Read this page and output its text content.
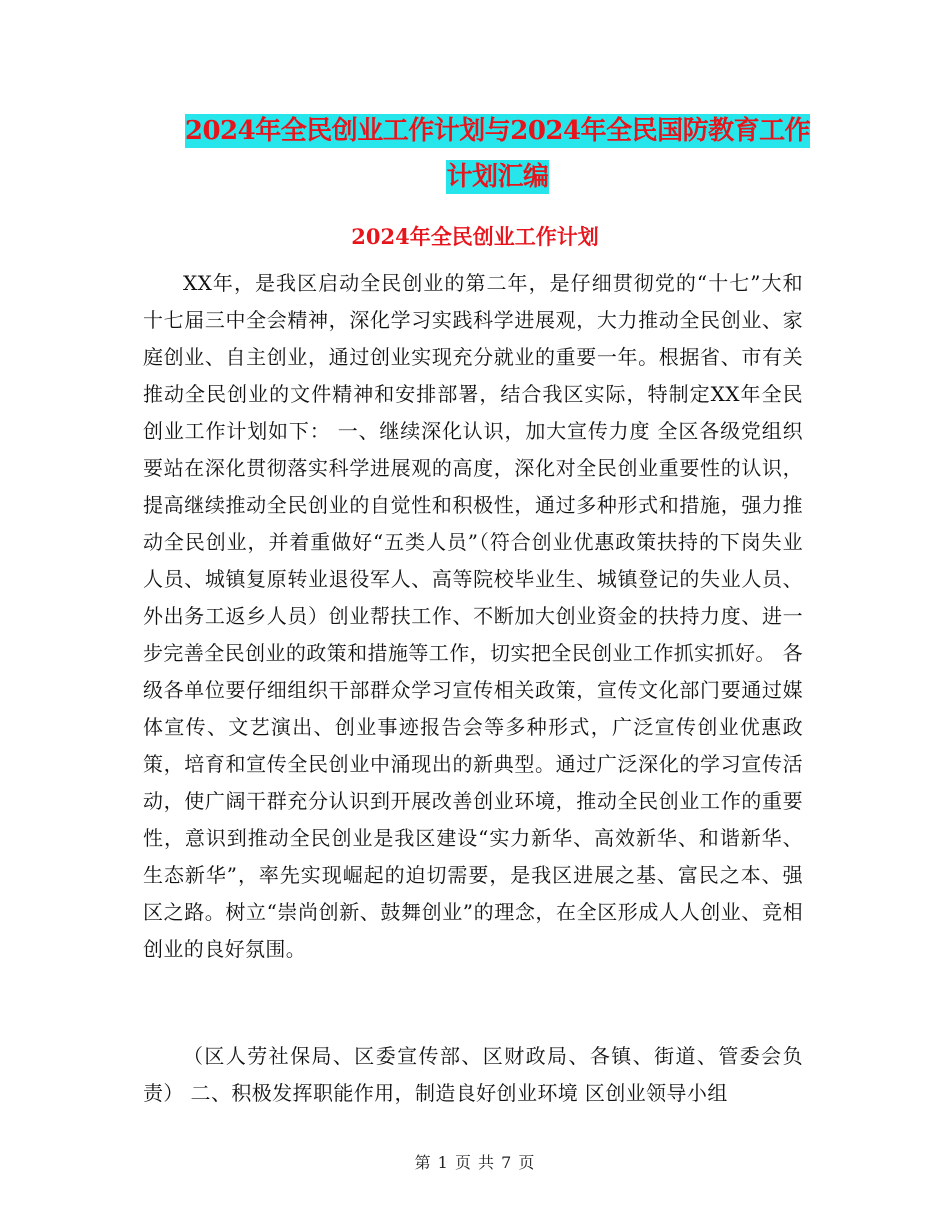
2024年全民创业工作计划与2024年全民国防教育工作
计划汇编
2024年全民创业工作计划

XX年，是我区启动全民创业的第二年，是仔细贯彻党的“十七”大和十七届三中全会精神，深化学习实践科学进展观，大力推动全民创业、家庭创业、自主创业，通过创业实现充分就业的重要一年。根据省、市有关推动全民创业的文件精神和安排部署，结合我区实际，特制定XX年全民创业工作计划如下： 一、继续深化认识，加大宣传力度 全区各级党组织要站在深化贯彻落实科学进展观的高度，深化对全民创业重要性的认识，提高继续推动全民创业的自觉性和积极性，通过多种形式和措施，强力推动全民创业，并着重做好“五类人员”（符合创业优惠政策扶持的下岗失业人员、城镇复原转业退役军人、高等院校毕业生、城镇登记的失业人员、外出务工返乡人员）创业帮扶工作、不断加大创业资金的扶持力度、进一步完善全民创业的政策和措施等工作，切实把全民创业工作抓实抓好。 各级各单位要仔细组织干部群众学习宣传相关政策，宣传文化部门要通过媒体宣传、文艺演出、创业事迹报告会等多种形式，广泛宣传创业优惠政策，培育和宣传全民创业中涌现出的新典型。通过广泛深化的学习宣传活动，使广阔干群充分认识到开展改善创业环境，推动全民创业工作的重要性，意识到推动全民创业是我区建设“实力新华、高效新华、和谐新华、生态新华”，率先实现崛起的迫切需要，是我区进展之基、富民之本、强区之路。树立“崇尚创新、鼓舞创业”的理念，在全区形成人人创业、竞相创业的良好氛围。

（区人劳社保局、区委宣传部、区财政局、各镇、街道、管委会负责） 二、积极发挥职能作用，制造良好创业环境 区创业领导小组

第 1 页 共 7 页
